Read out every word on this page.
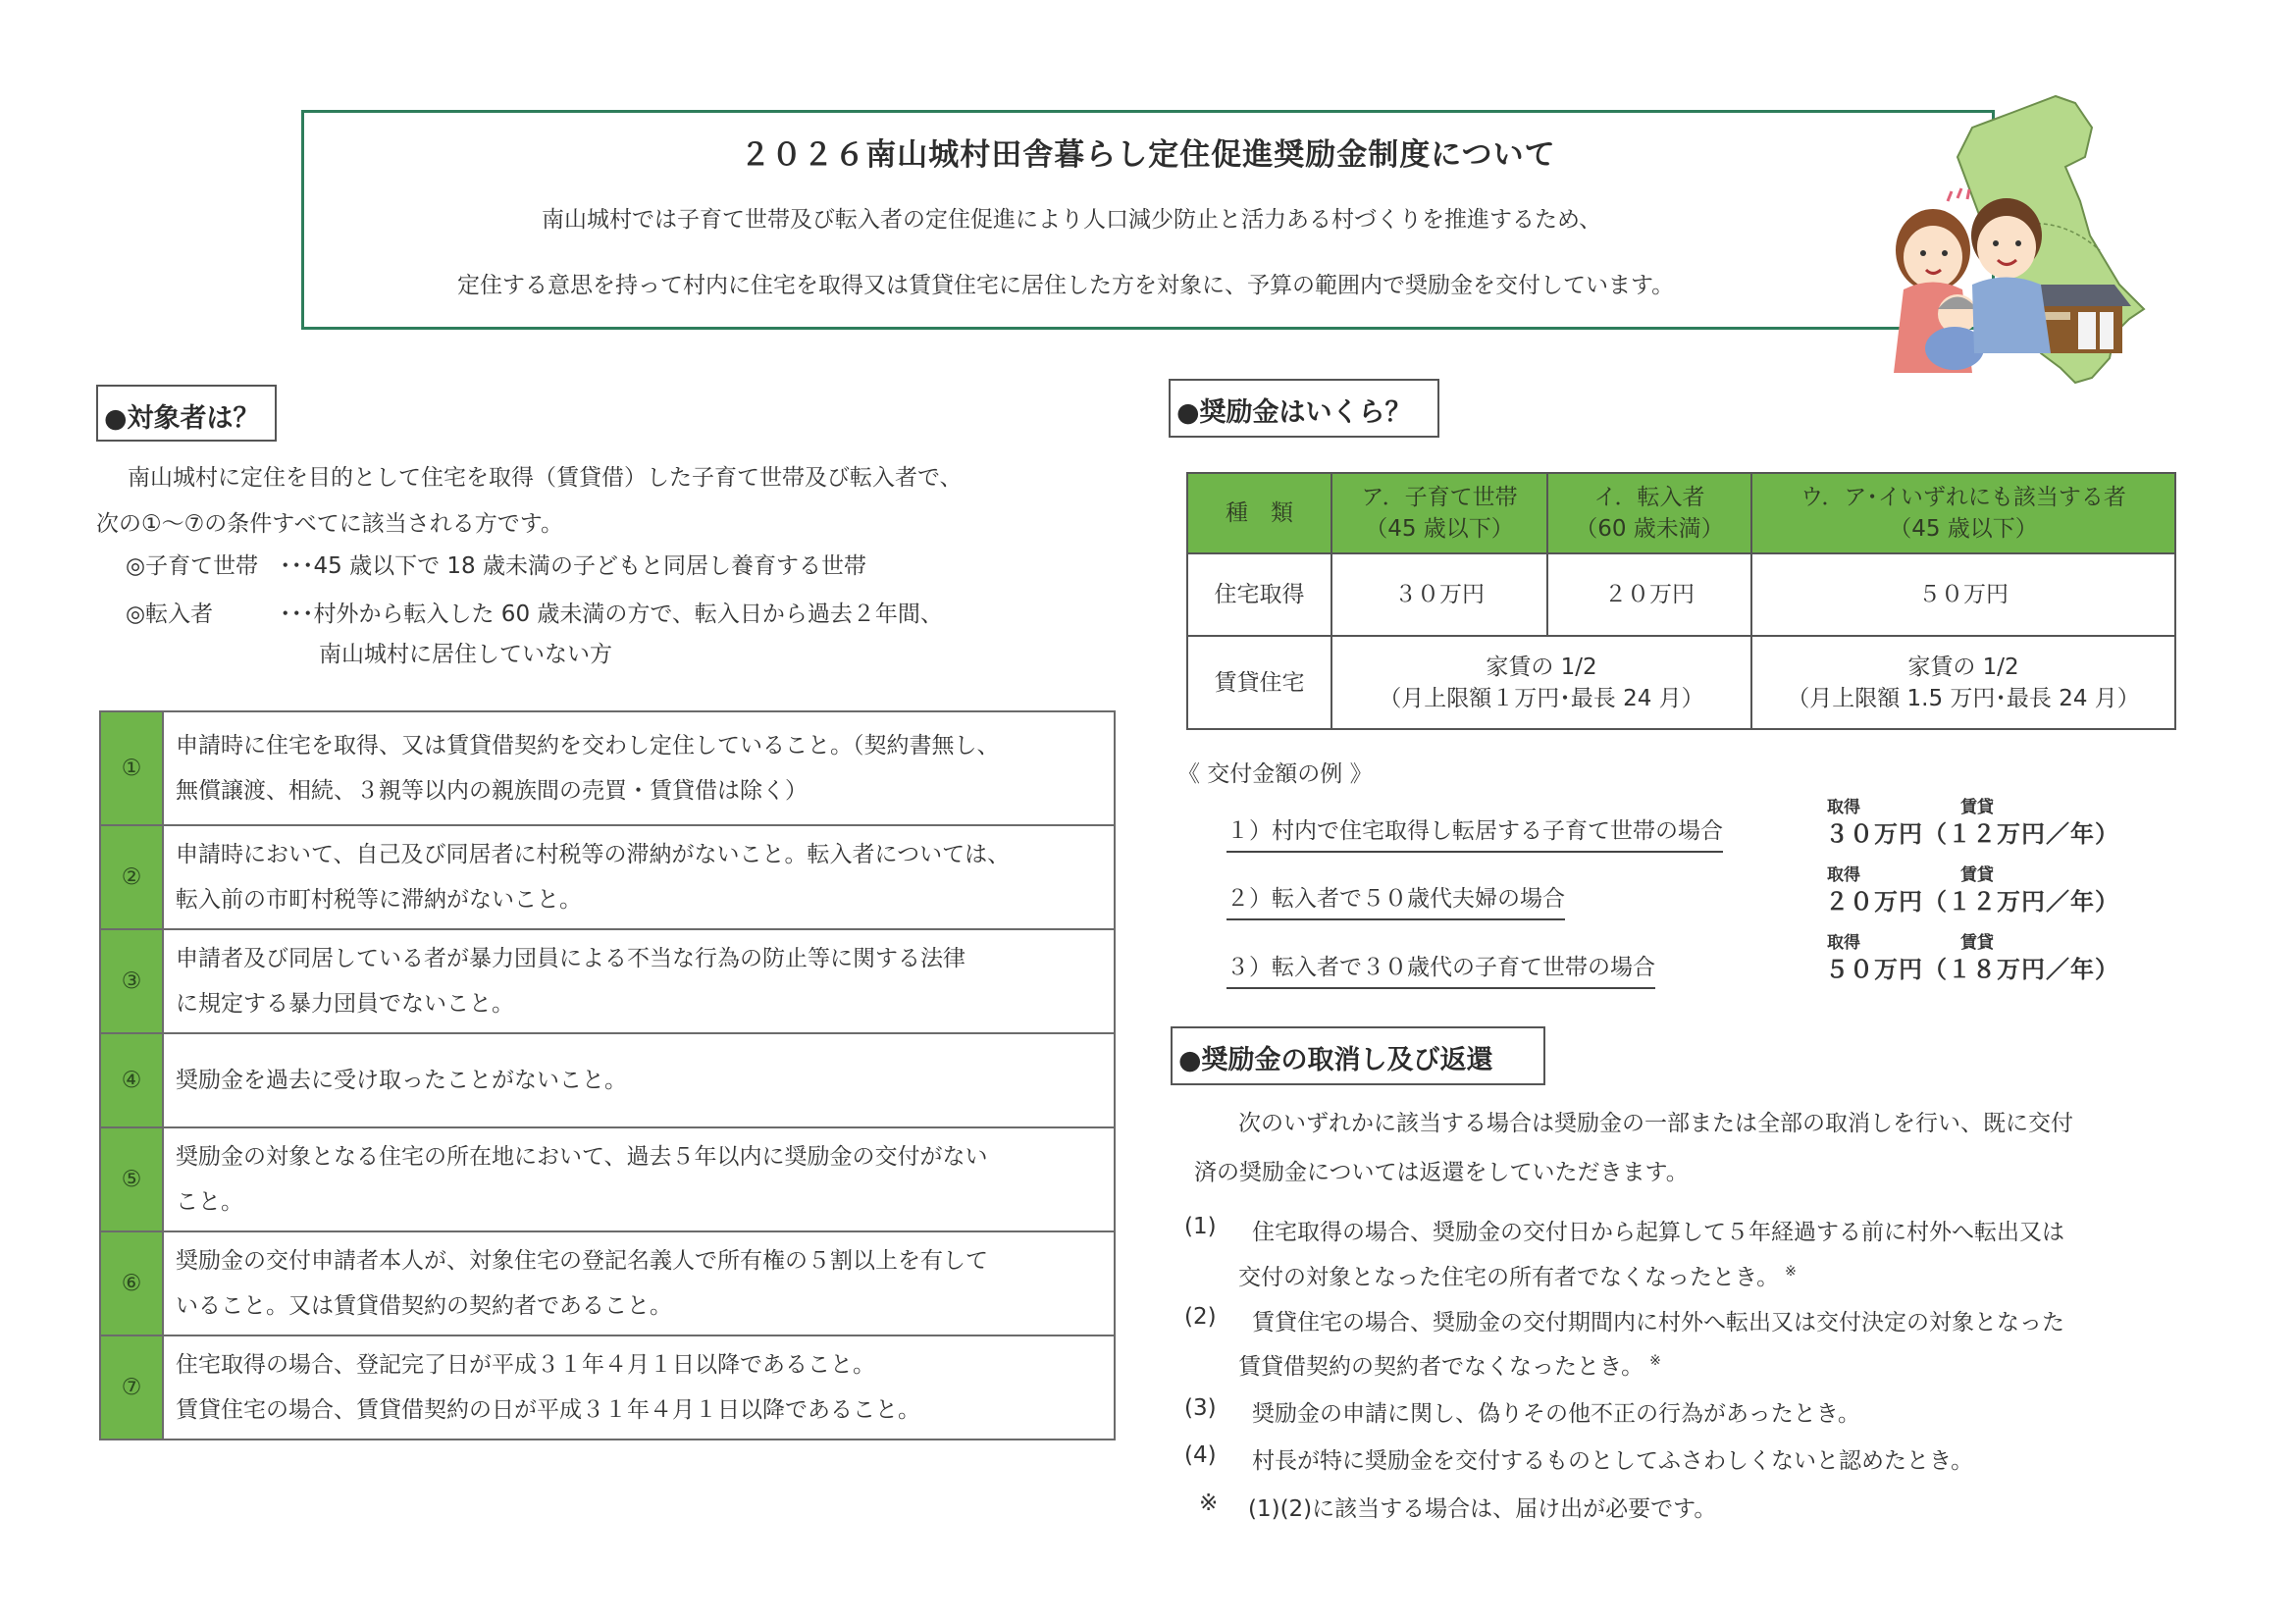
２０２６南山城村田舎暮らし定住促進奨励金制度について
南山城村では子育て世帯及び転入者の定住促進により人口減少防止と活力ある村づくりを推進するため、
定住する意思を持って村内に住宅を取得又は賃貸住宅に居住した方を対象に、予算の範囲内で奨励金を交付しています。
●対象者は？
南山城村に定住を目的として住宅を取得（賃貸借）した子育て世帯及び転入者で、
次の①～⑦の条件すべてに該当される方です。
◎子育て世帯 ･･･45 歳以下で 18 歳未満の子どもと同居し養育する世帯
◎転入者	･･･村外から転入した 60 歳未満の方で、転入日から過去２年間、
南山城村に居住していない方
①	申請時に住宅を取得、又は賃貸借契約を交わし定住していること。（契約書無し、
無償譲渡、相続、３親等以内の親族間の売買・賃貸借は除く）

②	申請時において、自己及び同居者に村税等の滞納がないこと。転入者については、
転入前の市町村税等に滞納がないこと。

③	申請者及び同居している者が暴力団員による不当な行為の防止等に関する法律
に規定する暴力団員でないこと。

④	奨励金を過去に受け取ったことがないこと。

⑤	奨励金の対象となる住宅の所在地において、過去５年以内に奨励金の交付がない
こと。

⑥	奨励金の交付申請者本人が、対象住宅の登記名義人で所有権の５割以上を有して
いること。又は賃貸借契約の契約者であること。

⑦	住宅取得の場合、登記完了日が平成３１年４月１日以降であること。
賃貸住宅の場合、賃貸借契約の日が平成３１年４月１日以降であること。
●奨励金はいくら？
種　類	
ア．子育て世帯
（45 歳以下）

イ．転入者
（60 歳未満）

ウ．ア･イいずれにも該当する者
（45 歳以下）

住宅取得	３０万円	２０万円	５０万円
賃貸住宅	
家賃の 1/2
（月上限額１万円･最長 24 月）

家賃の 1/2
（月上限額 1.5 万円･最長 24 月）
《 交付金額の例 》
１）村内で住宅取得し転居する子育て世帯の場合
取得	賃貸
３０万円（１２万円／年）
２）転入者で５０歳代夫婦の場合
取得	賃貸
２０万円（１２万円／年）
３）転入者で３０歳代の子育て世帯の場合
取得	賃貸
５０万円（１８万円／年）
●奨励金の取消し及び返還
次のいずれかに該当する場合は奨励金の一部または全部の取消しを行い、既に交付
済の奨励金については返還をしていただきます。
(1) 住宅取得の場合、奨励金の交付日から起算して５年経過する前に村外へ転出又は
交付の対象となった住宅の所有者でなくなったとき。 ※
(2) 賃貸住宅の場合、奨励金の交付期間内に村外へ転出又は交付決定の対象となった
賃貸借契約の契約者でなくなったとき。 ※
(3) 奨励金の申請に関し、偽りその他不正の行為があったとき。
(4) 村長が特に奨励金を交付するものとしてふさわしくないと認めたとき。
※ (1)(2)に該当する場合は、届け出が必要です。
